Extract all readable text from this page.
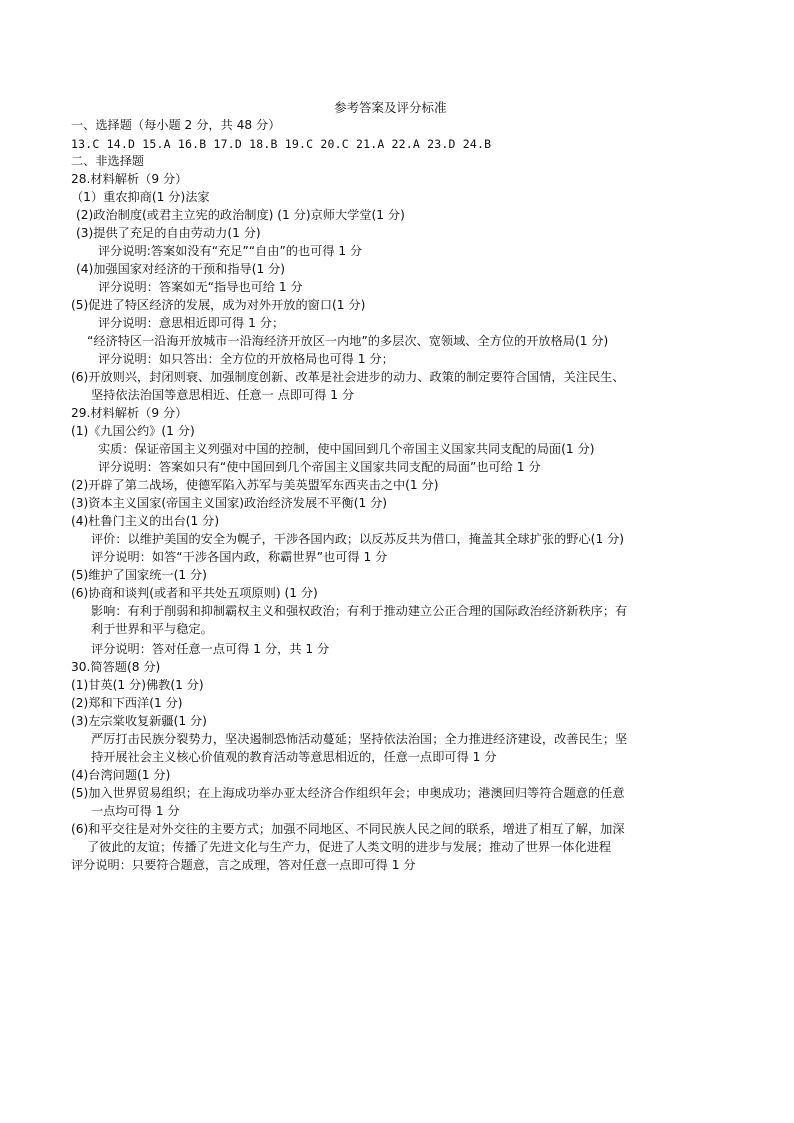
参考答案及评分标准
一、选择题（每小题 2 分，共 48 分）
13.C 14.D 15.A 16.B 17.D 18.B 19.C 20.C 21.A 22.A 23.D 24.B
二、非选择题
28.材料解析（9 分）
（1）重农抑商(1 分)法家
(2)政治制度(或君主立宪的政治制度) (1 分)京师大学堂(1 分)
(3)提供了充足的自由劳动力(1 分)
评分说明:答案如没有“充足”“自由”的也可得 1 分
(4)加强国家对经济的干预和指导(1 分)
评分说明：答案如无“指导也可给 1 分
(5)促进了特区经济的发展，成为对外开放的窗口(1 分)
评分说明：意思相近即可得 1 分；
“经济特区一沿海开放城市一沿海经济开放区一内地”的多层次、宽领域、全方位的开放格局(1 分)
评分说明：如只答出：全方位的开放格局也可得 1 分；
(6)开放则兴，封闭则衰、加强制度创新、改革是社会进步的动力、政策的制定要符合国情，关注民生、
坚持依法治国等意思相近、任意一 点即可得 1 分
29.材料解析（9 分）
(1)《九国公约》(1 分)
实质：保证帝国主义列强对中国的控制，使中国回到几个帝国主义国家共同支配的局面(1 分)
评分说明：答案如只有“使中国回到几个帝国主义国家共同支配的局面”也可给 1 分
(2)开辟了第二战场，使德军陷入苏军与美英盟军东西夹击之中(1 分)
(3)资本主义国家(帝国主义国家)政治经济发展不平衡(1 分)
(4)杜鲁门主义的出台(1 分)
评价：以维护美国的安全为幌子，干涉各国内政；以反苏反共为借口，掩盖其全球扩张的野心(1 分)
评分说明：如答“干涉各国内政，称霸世界”也可得 1 分
(5)维护了国家统一(1 分)
(6)协商和谈判(或者和平共处五项原则) (1 分)
影响：有利于削弱和抑制霸权主义和强权政治；有利于推动建立公正合理的国际政治经济新秩序；有
利于世界和平与稳定。
评分说明：答对任意一点可得 1 分，共 1 分
30.简答题(8 分)
(1)甘英(1 分)佛教(1 分)
(2)郑和下西洋(1 分)
(3)左宗棠收复新疆(1 分)
严厉打击民族分裂势力，坚决遏制恐怖活动蔓延；坚持依法治国；全力推进经济建设，改善民生；坚
持开展社会主义核心价值观的教育活动等意思相近的，任意一点即可得 1 分
(4)台湾问题(1 分)
(5)加入世界贸易组织；在上海成功举办亚太经济合作组织年会；申奥成功；港澳回归等符合题意的任意
一点均可得 1 分
(6)和平交往是对外交往的主要方式；加强不同地区、不同民族人民之间的联系，增进了相互了解，加深
了彼此的友谊；传播了先进文化与生产力，促进了人类文明的进步与发展；推动了世界一体化进程
评分说明：只要符合题意，言之成理，答对任意一点即可得 1 分
